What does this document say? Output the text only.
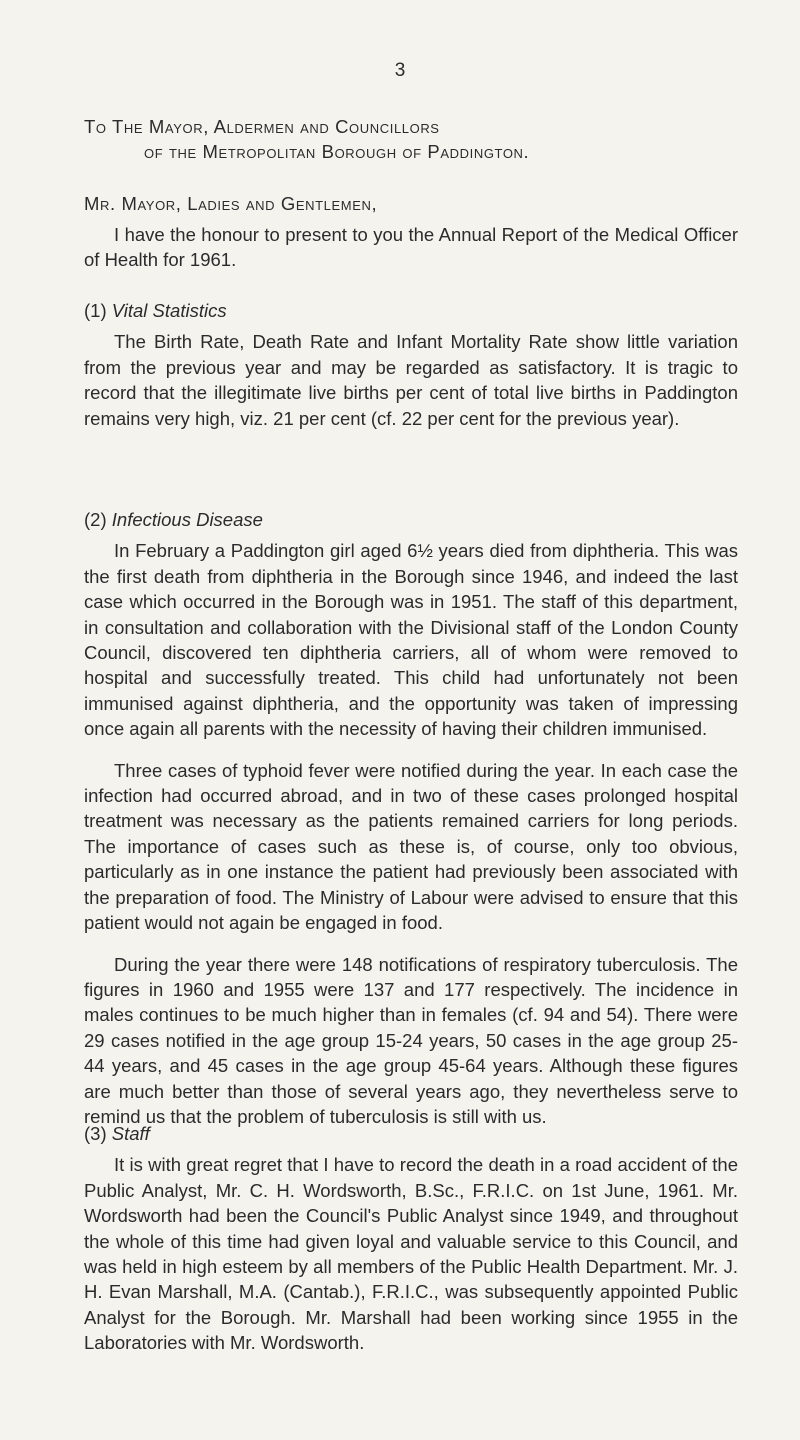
3

To The Mayor, Aldermen and Councillors

of the Metropolitan Borough of Paddington.

Mr. Mayor, Ladies and Gentlemen,

I have the honour to present to you the Annual Report of the Medical Officer of Health for 1961.

(1) Vital Statistics

The Birth Rate, Death Rate and Infant Mortality Rate show little variation from the previous year and may be regarded as satisfactory. It is tragic to record that the illegitimate live births per cent of total live births in Paddington remains very high, viz. 21 per cent (cf. 22 per cent for the previous year).

(2) Infectious Disease

In February a Paddington girl aged 6½ years died from diphtheria. This was the first death from diphtheria in the Borough since 1946, and indeed the last case which occurred in the Borough was in 1951. The staff of this department, in consultation and collaboration with the Divisional staff of the London County Council, discovered ten diphtheria carriers, all of whom were removed to hospital and successfully treated. This child had unfortunately not been immunised against diphtheria, and the opportunity was taken of impressing once again all parents with the necessity of having their children immunised.

Three cases of typhoid fever were notified during the year. In each case the infection had occurred abroad, and in two of these cases prolonged hospital treatment was necessary as the patients remained carriers for long periods. The importance of cases such as these is, of course, only too obvious, particularly as in one instance the patient had previously been associated with the preparation of food. The Ministry of Labour were advised to ensure that this patient would not again be engaged in food.

During the year there were 148 notifications of respiratory tuberculosis. The figures in 1960 and 1955 were 137 and 177 respectively. The incidence in males continues to be much higher than in females (cf. 94 and 54). There were 29 cases notified in the age group 15-24 years, 50 cases in the age group 25-44 years, and 45 cases in the age group 45-64 years. Although these figures are much better than those of several years ago, they nevertheless serve to remind us that the problem of tuberculosis is still with us.

(3) Staff

It is with great regret that I have to record the death in a road accident of the Public Analyst, Mr. C. H. Wordsworth, B.Sc., F.R.I.C. on 1st June, 1961. Mr. Wordsworth had been the Council's Public Analyst since 1949, and throughout the whole of this time had given loyal and valuable service to this Council, and was held in high esteem by all members of the Public Health Department. Mr. J. H. Evan Marshall, M.A. (Cantab.), F.R.I.C., was subsequently appointed Public Analyst for the Borough. Mr. Marshall had been working since 1955 in the Laboratories with Mr. Wordsworth.
